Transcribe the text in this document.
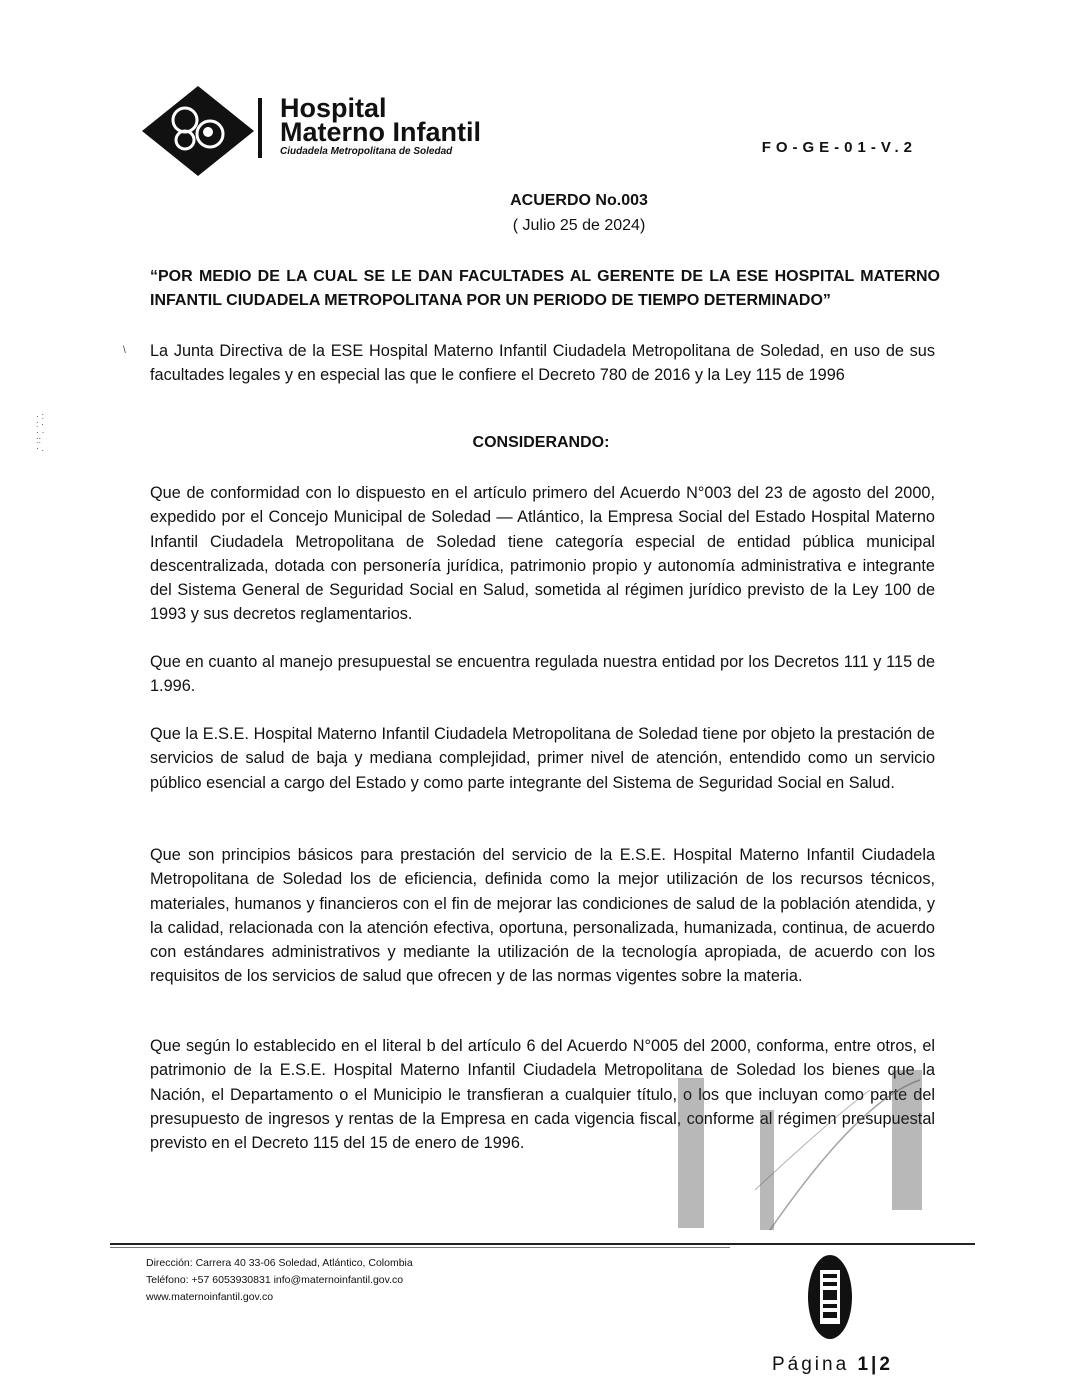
Hospital
Materno Infantil
Ciudadela Metropolitana de Soledad	FO-GE-01-V.2
ACUERDO No.003
( Julio 25 de 2024)
“POR MEDIO DE LA CUAL SE LE DAN FACULTADES AL GERENTE DE LA ESE HOSPITAL MATERNO INFANTIL CIUDADELA METROPOLITANA POR UN PERIODO DE TIEMPO DETERMINADO”
\ La Junta Directiva de la ESE Hospital Materno Infantil Ciudadela Metropolitana de Soledad, en uso de sus facultades legales y en especial las que le confiere el Decreto 780 de 2016 y la Ley 115 de 1996

· :
: ·
· ·
::
· .	CONSIDERANDO:

Que de conformidad con lo dispuesto en el artículo primero del Acuerdo N°003 del 23 de agosto del 2000, expedido por el Concejo Municipal de Soledad — Atlántico, la Empresa Social del Estado Hospital Materno Infantil Ciudadela Metropolitana de Soledad tiene categoría especial de entidad pública municipal descentralizada, dotada con personería jurídica, patrimonio propio y autonomía administrativa e integrante del Sistema General de Seguridad Social en Salud, sometida al régimen jurídico previsto de la Ley 100 de 1993 y sus decretos reglamentarios.

Que en cuanto al manejo presupuestal se encuentra regulada nuestra entidad por los Decretos 111 y 115 de 1.996.

Que la E.S.E. Hospital Materno Infantil Ciudadela Metropolitana de Soledad tiene por objeto la prestación de servicios de salud de baja y mediana complejidad, primer nivel de atención, entendido como un servicio público esencial a cargo del Estado y como parte integrante del Sistema de Seguridad Social en Salud.

Que son principios básicos para prestación del servicio de la E.S.E. Hospital Materno Infantil Ciudadela Metropolitana de Soledad los de eficiencia, definida como la mejor utilización de los recursos técnicos, materiales, humanos y financieros con el fin de mejorar las condiciones de salud de la población atendida, y la calidad, relacionada con la atención efectiva, oportuna, personalizada, humanizada, continua, de acuerdo con estándares administrativos y mediante la utilización de la tecnología apropiada, de acuerdo con los requisitos de los servicios de salud que ofrecen y de las normas vigentes sobre la materia.

Que según lo establecido en el literal b del artículo 6 del Acuerdo N°005 del 2000, conforma, entre otros, el patrimonio de la E.S.E. Hospital Materno Infantil Ciudadela Metropolitana de Soledad los bienes que la Nación, el Departamento o el Municipio le transfieran a cualquier título, o los que incluyan como parte del presupuesto de ingresos y rentas de la Empresa en cada vigencia fiscal, conforme al régimen presupuestal previsto en el Decreto 115 del 15 de enero de 1996.

Dirección: Carrera 40 33-06 Soledad, Atlántico, Colombia
Teléfono: +57 6053930831 info@maternoinfantil.gov.co
www.maternoinfantil.gov.co
Página 1|2
